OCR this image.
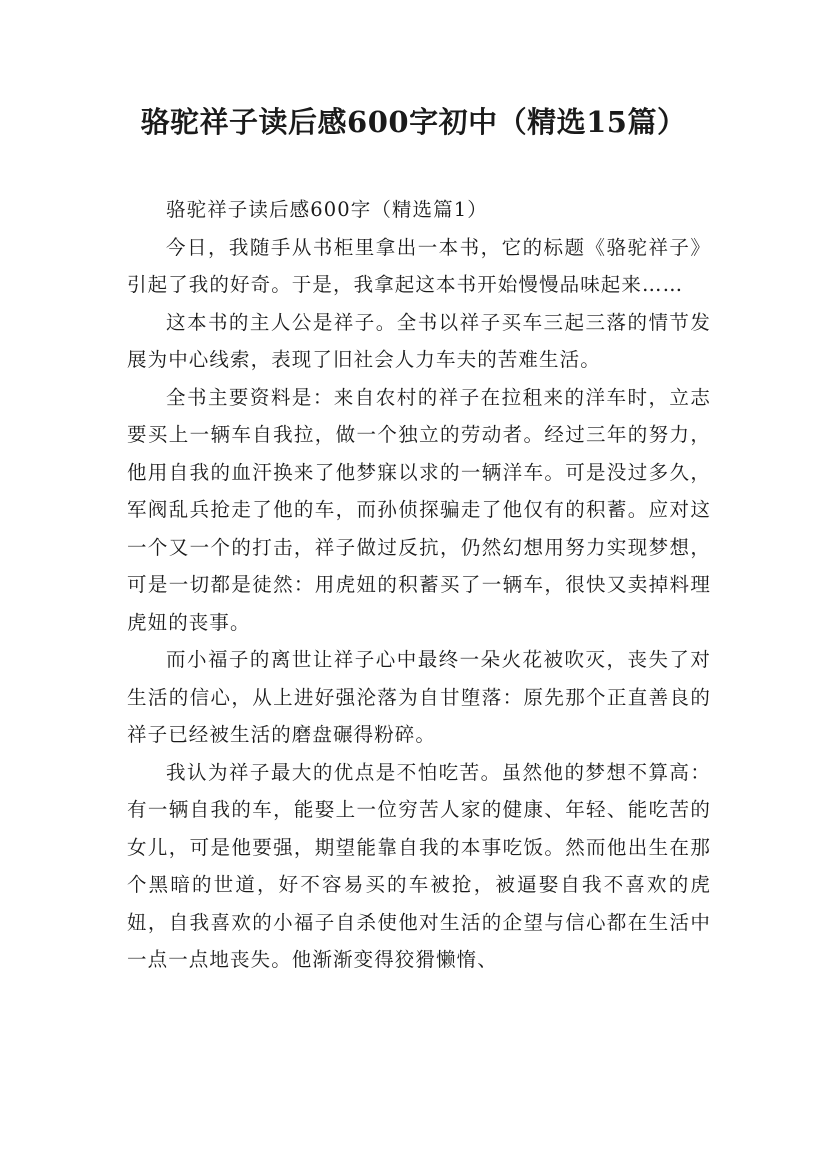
骆驼祥子读后感600字初中（精选15篇）

骆驼祥子读后感600字（精选篇1）

今日，我随手从书柜里拿出一本书，它的标题《骆驼祥子》引起了我的好奇。于是，我拿起这本书开始慢慢品味起来……

这本书的主人公是祥子。全书以祥子买车三起三落的情节发展为中心线索，表现了旧社会人力车夫的苦难生活。

全书主要资料是：来自农村的祥子在拉租来的洋车时，立志要买上一辆车自我拉，做一个独立的劳动者。经过三年的努力，他用自我的血汗换来了他梦寐以求的一辆洋车。可是没过多久，军阀乱兵抢走了他的车，而孙侦探骗走了他仅有的积蓄。应对这一个又一个的打击，祥子做过反抗，仍然幻想用努力实现梦想，可是一切都是徒然：用虎妞的积蓄买了一辆车，很快又卖掉料理虎妞的丧事。

而小福子的离世让祥子心中最终一朵火花被吹灭，丧失了对生活的信心，从上进好强沦落为自甘堕落：原先那个正直善良的祥子已经被生活的磨盘碾得粉碎。

我认为祥子最大的优点是不怕吃苦。虽然他的梦想不算高：有一辆自我的车，能娶上一位穷苦人家的健康、年轻、能吃苦的女儿，可是他要强，期望能靠自我的本事吃饭。然而他出生在那个黑暗的世道，好不容易买的车被抢，被逼娶自我不喜欢的虎妞，自我喜欢的小福子自杀使他对生活的企望与信心都在生活中一点一点地丧失。他渐渐变得狡猾懒惰、
